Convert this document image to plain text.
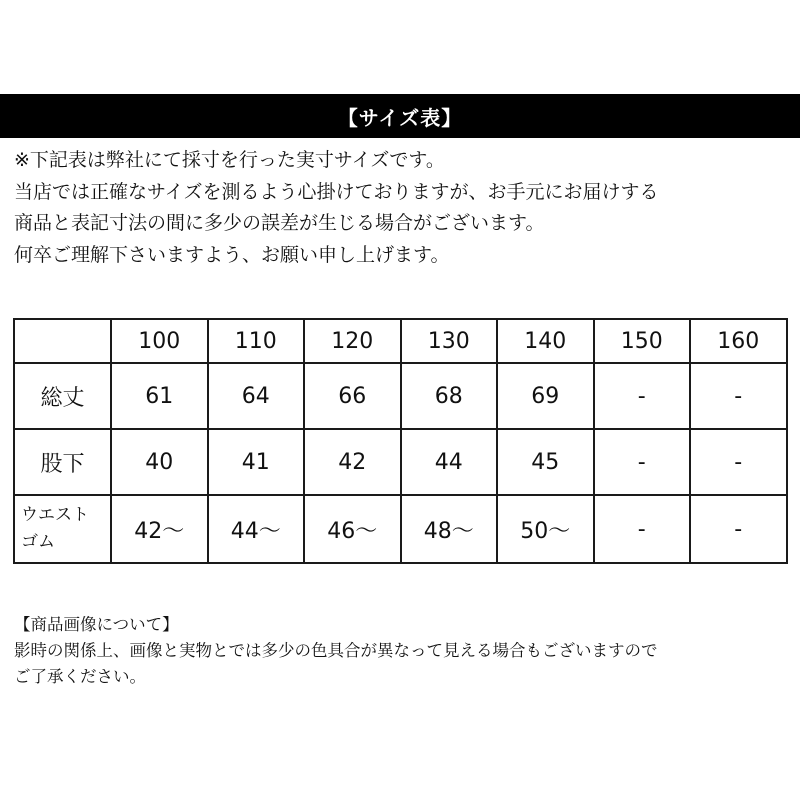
【サイズ表】
※下記表は弊社にて採寸を行った実寸サイズです。
当店では正確なサイズを測るよう心掛けておりますが、お手元にお届けする
商品と表記寸法の間に多少の誤差が生じる場合がございます。
何卒ご理解下さいますよう、お願い申し上げます。
	100	110	120	130	140	150	160
総丈	61	64	66	68	69	-	-
股下	40	41	42	44	45	-	-
ウエスト
ゴム	42～	44～	46～	48～	50～	-	-
【商品画像について】
影時の関係上、画像と実物とでは多少の色具合が異なって見える場合もございますので
ご了承ください。
